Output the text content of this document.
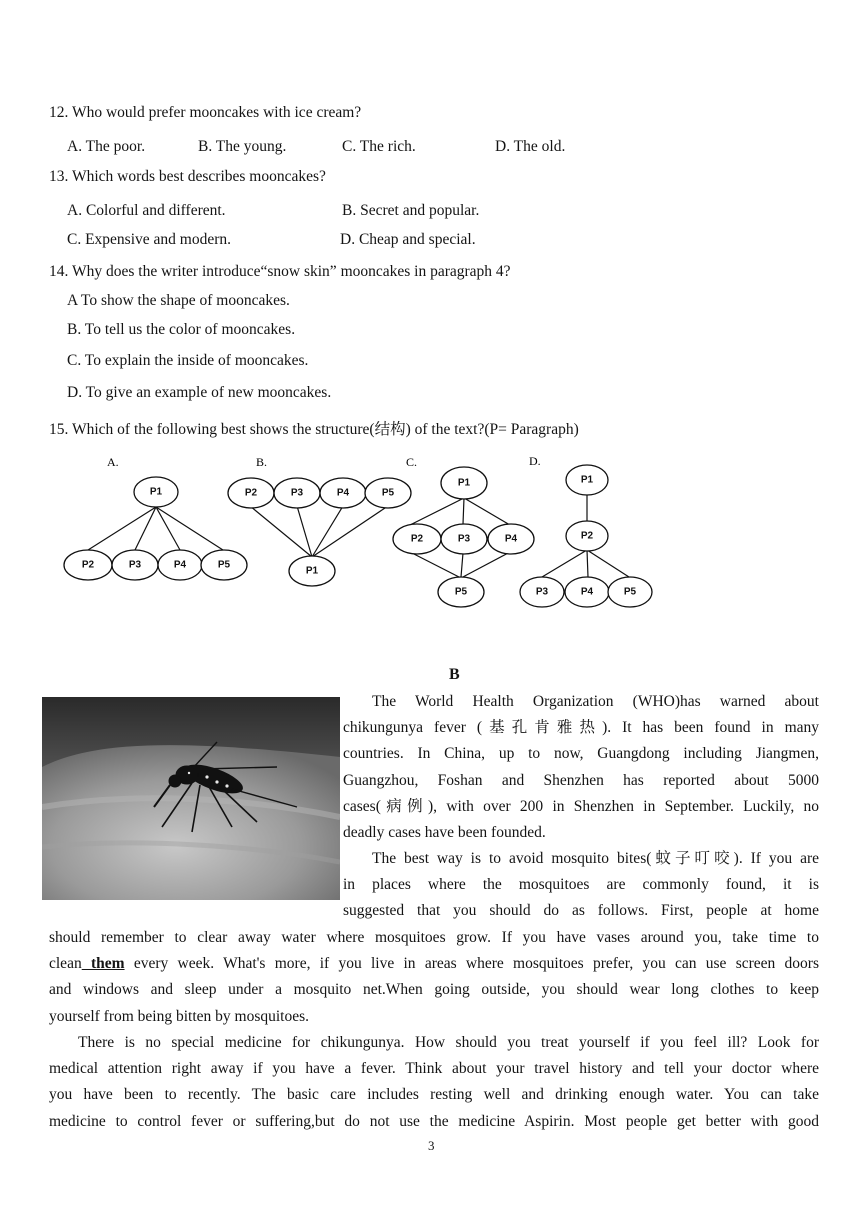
12. Who would prefer mooncakes with ice cream?
A. The poor.	B. The young.	C. The rich.	D. The old.
13. Which words best describes mooncakes?
A. Colorful and different.	B. Secret and popular.
C. Expensive and modern.	D. Cheap and special.
14. Why does the writer introduce“snow skin” mooncakes in paragraph 4?
A To show the shape of mooncakes.
B. To tell us the color of mooncakes.
C. To explain the inside of mooncakes.
D. To give an example of new mooncakes.
15. Which of the following best shows the structure(结构) of the text?(P= Paragraph)
A.	B.	C.	D.
P1
P2	P3	P4	P5
P2	P3	P4	P5
P1
P1
P2	P3	P4
P5
P1
P2
P3	P4	P5
B
The World Health Organization (WHO)has warned about
chikungunya fever (基孔肯雅热). It has been found in many
countries. In China, up to now, Guangdong including Jiangmen,
Guangzhou, Foshan and Shenzhen has reported about 5000
cases(病例), with over 200 in Shenzhen in September. Luckily, no
deadly cases have been founded.
The best way is to avoid mosquito bites(蚊子叮咬). If you are
in places where the mosquitoes are commonly found, it is
suggested that you should do as follows. First, people at home
should remember to clear away water where mosquitoes grow. If you have vases around you, take time to
clean them every week. What's more, if you live in areas where mosquitoes prefer, you can use screen doors
and windows and sleep under a mosquito net.When going outside, you should wear long clothes to keep
yourself from being bitten by mosquitoes.
There is no special medicine for chikungunya. How should you treat yourself if you feel ill? Look for
medical attention right away if you have a fever. Think about your travel history and tell your doctor where
you have been to recently. The basic care includes resting well and drinking enough water. You can take
medicine to control fever or suffering,but do not use the medicine Aspirin. Most people get better with good
3
